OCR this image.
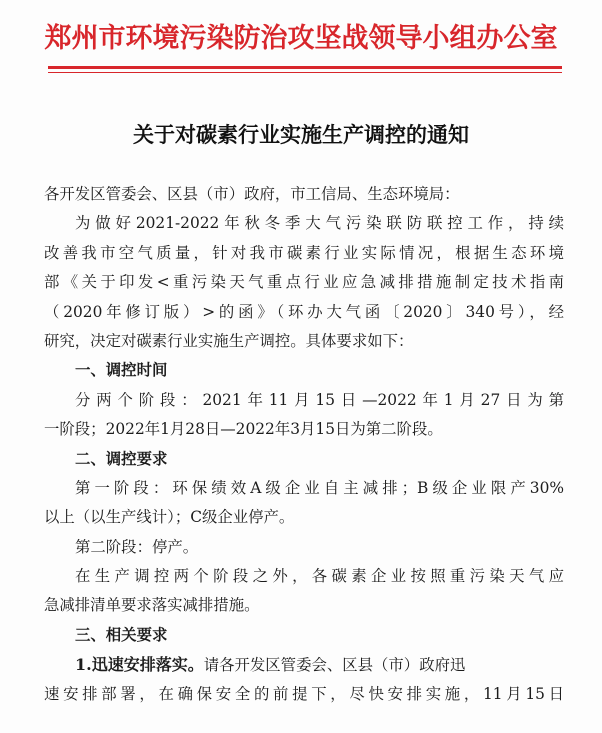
郑州市环境污染防治攻坚战领导小组办公室
关于对碳素行业实施生产调控的通知
各开发区管委会、区县（市）政府，市工信局、生态环境局：
为做好2021-2022年秋冬季大气污染联防联控工作，持续
改善我市空气质量，针对我市碳素行业实际情况，根据生态环境
部《关于印发<重污染天气重点行业应急减排措施制定技术指南
（2020年修订版）>的函》（环办大气函〔2020〕340号），经
研究，决定对碳素行业实施生产调控。具体要求如下：
一、调控时间
分两个阶段：2021年11月15日—2022年1月27日为第
一阶段；2022年1月28日—2022年3月15日为第二阶段。
二、调控要求
第一阶段：环保绩效A级企业自主减排；B级企业限产30%
以上（以生产线计）；C级企业停产。
第二阶段：停产。
在生产调控两个阶段之外，各碳素企业按照重污染天气应
急减排清单要求落实减排措施。
三、相关要求
1.迅速安排落实。请各开发区管委会、区县（市）政府迅
速安排部署，在确保安全的前提下，尽快安排实施，11月15日
